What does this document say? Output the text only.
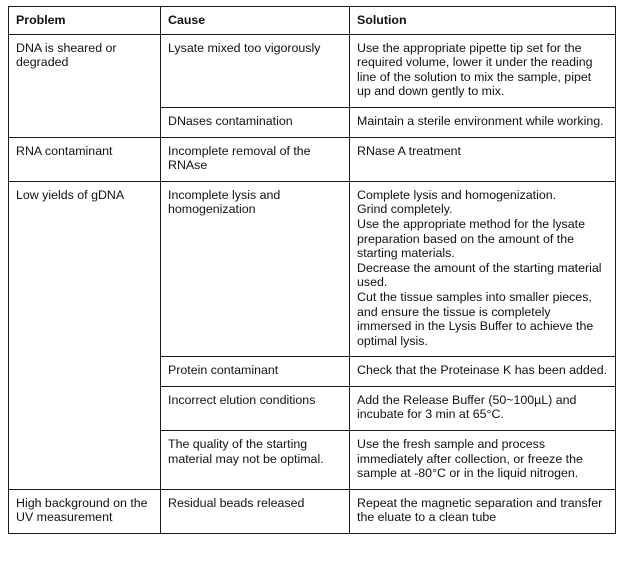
Problem	Cause	Solution
DNA is sheared or degraded	Lysate mixed too vigorously	Use the appropriate pipette tip set for the required volume, lower it under the reading line of the solution to mix the sample, pipet up and down gently to mix.

	DNases contamination	Maintain a sterile environment while working.

RNA contaminant	Incomplete removal of the RNAse	RNase A treatment

Low yields of gDNA	Incomplete lysis and homogenization	Complete lysis and homogenization.
Grind completely.
Use the appropriate method for the lysate preparation based on the amount of the starting materials.
Decrease the amount of the starting material used.
Cut the tissue samples into smaller pieces, and ensure the tissue is completely immersed in the Lysis Buffer to achieve the optimal lysis.

	Protein contaminant	Check that the Proteinase K has been added.

	Incorrect elution conditions	Add the Release Buffer (50~100µL) and incubate for 3 min at 65°C.

	The quality of the starting material may not be optimal.	Use the fresh sample and process immediately after collection, or freeze the sample at -80°C or in the liquid nitrogen.

High background on the UV measurement	Residual beads released	Repeat the magnetic separation and transfer the eluate to a clean tube
